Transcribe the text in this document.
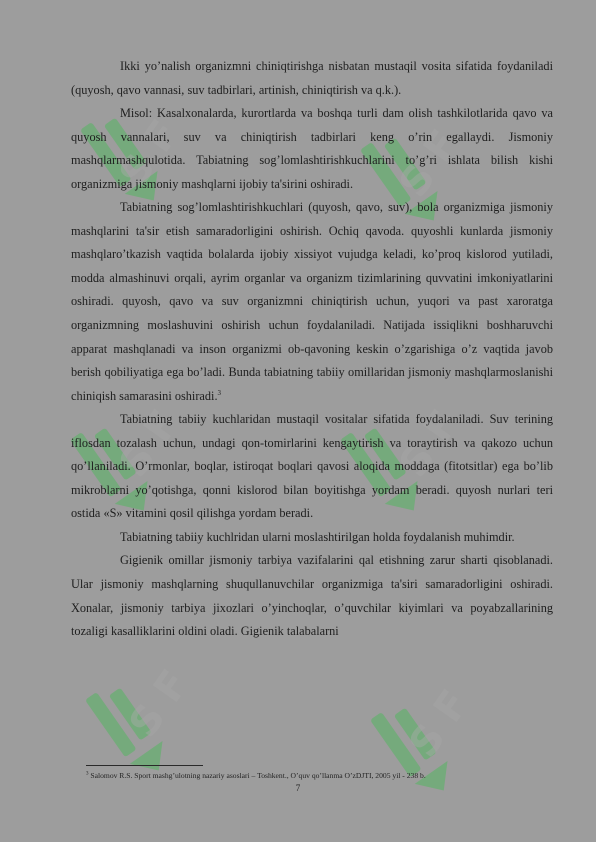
S F	S F
S F	S F
S F	S F

Ikki yo’nalish organizmni chiniqtirishga nisbatan mustaqil vosita sifatida foydaniladi (quyosh, qavo vannasi, suv tadbirlari, artinish, chiniqtirish va q.k.).

Misol: Kasalxonalarda, kurortlarda va boshqa turli dam olish tashkilotlarida qavo va quyosh vannalari, suv va chiniqtirish tadbirlari keng o’rin egallaydi. Jismoniy mashqlarmashqulotida. Tabiatning sog’lomlashtirishkuchlarini to’g’ri ishlata bilish kishi organizmiga jismoniy mashqlarni ijobiy ta'sirini oshiradi.

Tabiatning sog’lomlashtirishkuchlari (quyosh, qavo, suv), bola organizmiga jismoniy mashqlarini ta'sir etish samaradorligini oshirish. Ochiq qavoda. quyoshli kunlarda jismoniy mashqlaro’tkazish vaqtida bolalarda ijobiy xissiyot vujudga keladi, ko’proq kislorod yutiladi, modda almashinuvi orqali, ayrim organlar va organizm tizimlarining quvvatini imkoniyatlarini oshiradi. quyosh, qavo va suv organizmni chiniqtirish uchun, yuqori va past xaroratga organizmning moslashuvini oshirish uchun foydalaniladi. Natijada issiqlikni boshharuvchi apparat mashqlanadi va inson organizmi ob-qavoning keskin o’zgarishiga o’z vaqtida javob berish qobiliyatiga ega bo’ladi. Bunda tabiatning tabiiy omillaridan jismoniy mashqlarmoslanishi chiniqish samarasini oshiradi.$^3$

Tabiatning tabiiy kuchlaridan mustaqil vositalar sifatida foydalaniladi. Suv terining iflosdan tozalash uchun, undagi qon-tomirlarini kengaytirish va toraytirish va qakozo uchun qo’llaniladi. O’rmonlar, boqlar, istiroqat boqlari qavosi aloqida moddaga (fitotsitlar) ega bo’lib mikroblarni yo’qotishga, qonni kislorod bilan boyitishga yordam beradi. quyosh nurlari teri ostida «S» vitamini qosil qilishga yordam beradi.

Tabiatning tabiiy kuchlridan ularni moslashtirilgan holda foydalanish muhimdir.

Gigienik omillar jismoniy tarbiya vazifalarini qal etishning zarur sharti qisoblanadi. Ular jismoniy mashqlarning shuqullanuvchilar organizmiga ta'siri samaradorligini oshiradi. Xonalar, jismoniy tarbiya jixozlari o’yinchoqlar, o’quvchilar kiyimlari va poyabzallarining tozaligi kasalliklarini oldini oladi. Gigienik talabalarni

$^3$ Salomov R.S. Sport mashg’ulotning nazariy asoslari – Toshkent., O’quv qo’llanma O’zDJTI, 2005 yil - 238 b.
7
